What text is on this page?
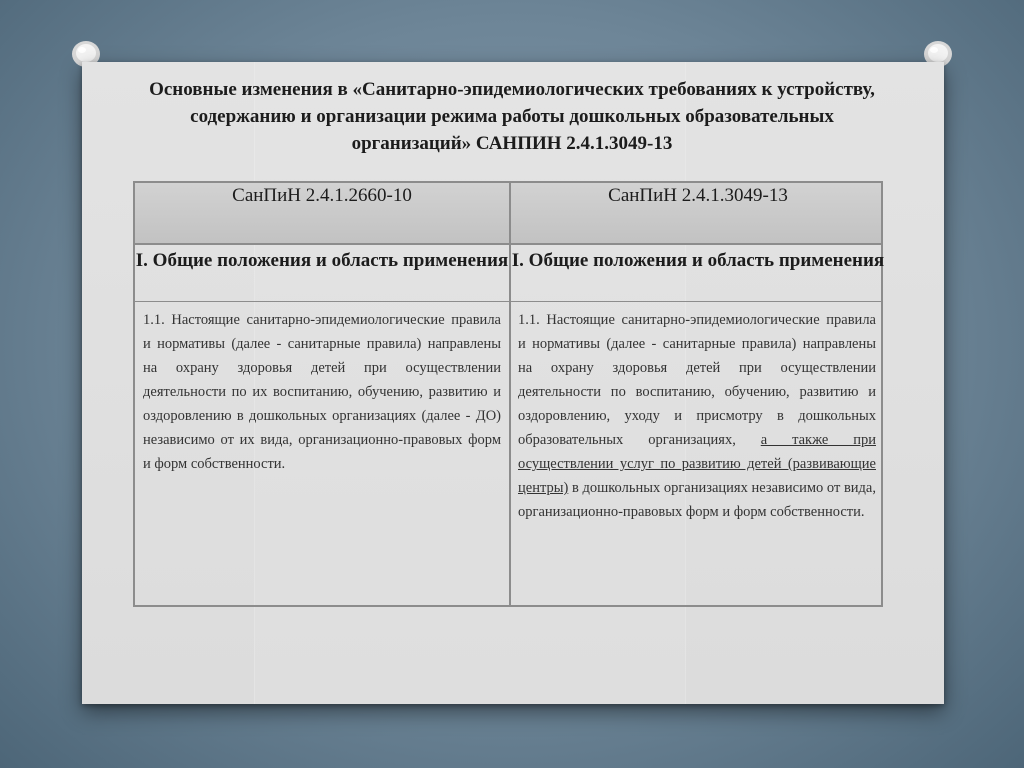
Основные изменения в «Санитарно-эпидемиологических требованиях к устройству, содержанию и организации режима работы дошкольных образовательных организаций» САНПИН 2.4.1.3049-13
СанПиН 2.4.1.2660-10	СанПиН 2.4.1.3049-13
I. Общие положения и область применения I. Общие положения и область применения
1.1. Настоящие санитарно-эпидемиологические правила и нормативы (далее - санитарные правила) направлены на охрану здоровья детей при осуществлении деятельности по их воспитанию, обучению, развитию и оздоровлению в дошкольных организациях (далее - ДО) независимо от их вида, организационно-правовых форм и форм собственности.
1.1. Настоящие санитарно-эпидемиологические правила и нормативы (далее - санитарные правила) направлены на охрану здоровья детей при осуществлении деятельности по воспитанию, обучению, развитию и оздоровлению, уходу и присмотру в дошкольных образовательных организациях, а также при осуществлении услуг по развитию детей (развивающие центры) в дошкольных организациях независимо от вида, организационно-правовых форм и форм собственности.
